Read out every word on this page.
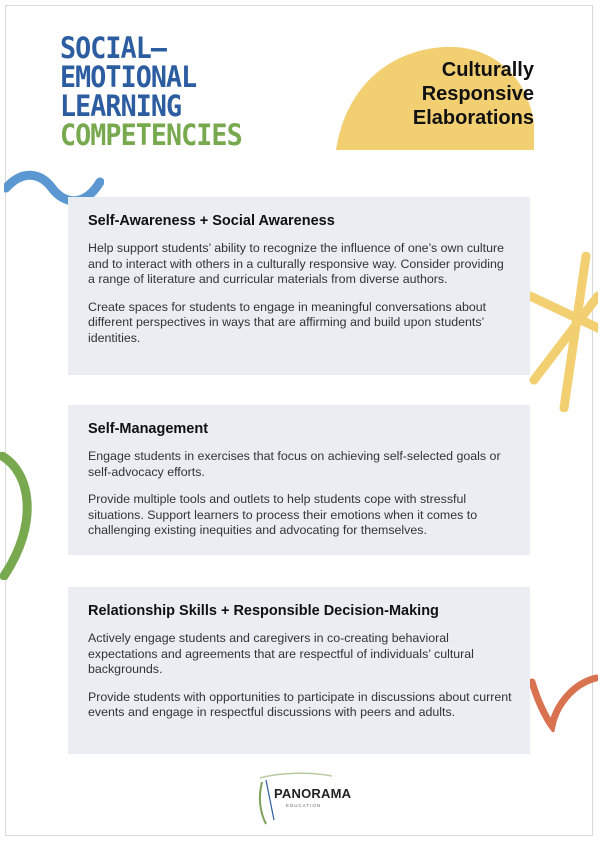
SOCIAL–
EMOTIONAL
LEARNING
COMPETENCIES
Culturally
Responsive
Elaborations
Self-Awareness + Social Awareness

Help support students’ ability to recognize the influence of one’s own culture and to interact with others in a culturally responsive way. Consider providing a range of literature and curricular materials from diverse authors.

Create spaces for students to engage in meaningful conversations about different perspectives in ways that are affirming and build upon students’ identities.

Self-Management

Engage students in exercises that focus on achieving self-selected goals or self-advocacy efforts.

Provide multiple tools and outlets to help students cope with stressful situations. Support learners to process their emotions when it comes to challenging existing inequities and advocating for themselves.

Relationship Skills + Responsible Decision-Making

Actively engage students and caregivers in co-creating behavioral expectations and agreements that are respectful of individuals’ cultural backgrounds.

Provide students with opportunities to participate in discussions about current events and engage in respectful discussions with peers and adults.

PANORAMA
EDUCATION
